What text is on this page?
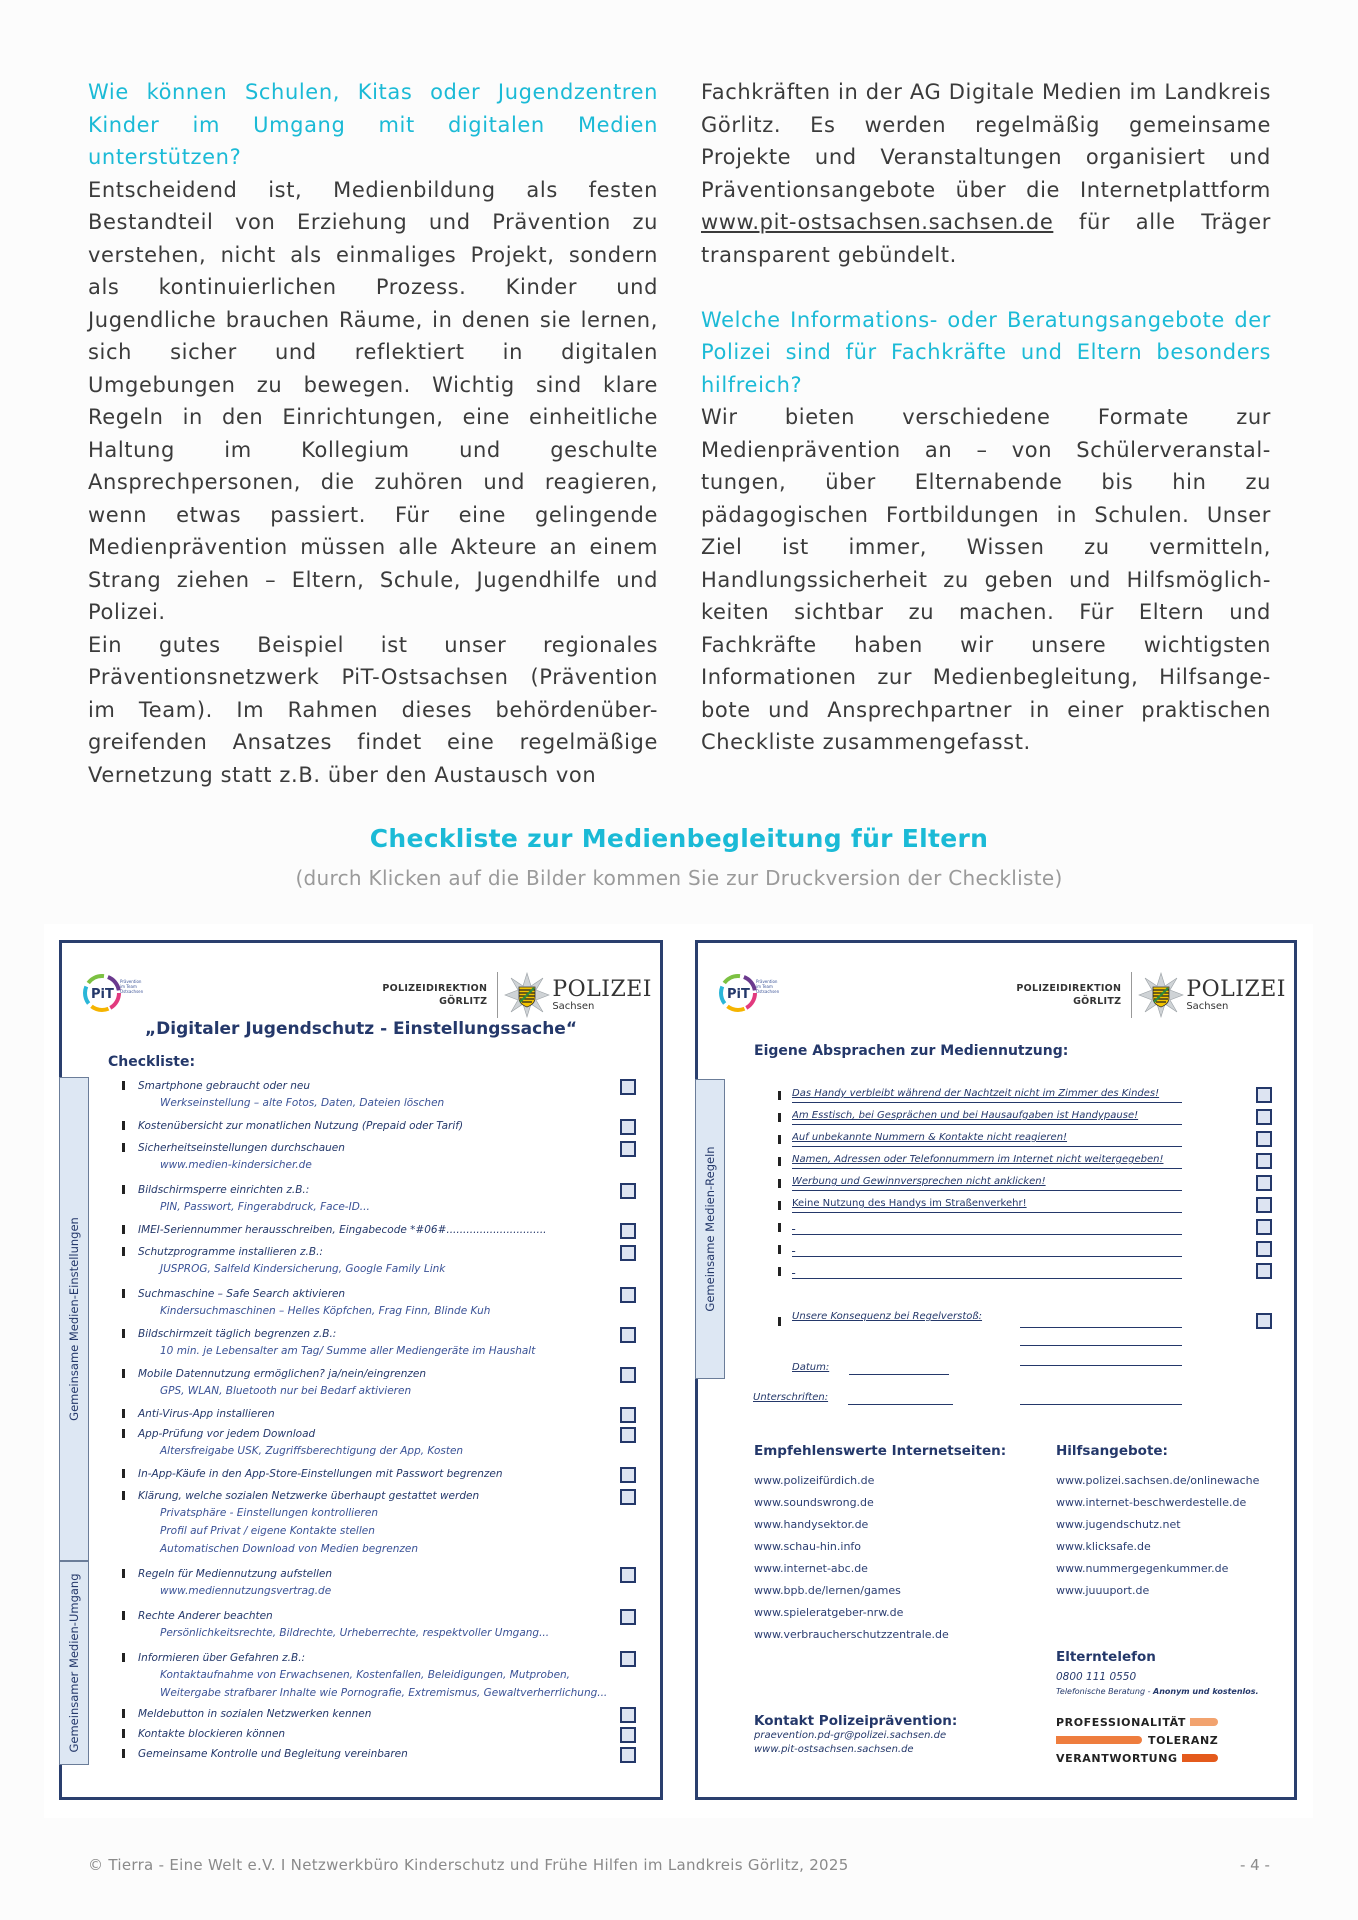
Wie können Schulen, Kitas oder Jugendzentren Kinder im Umgang mit digitalen Medien unterstützen?

Entscheidend ist, Medienbildung als festen Bestandteil von Erziehung und Prävention zu verstehen, nicht als einmaliges Projekt, sondern als kontinuierlichen Prozess. Kinder und Jugendliche brauchen Räume, in denen sie lernen, sich sicher und reflektiert in digitalen Umgebungen zu bewegen. Wichtig sind klare Regeln in den Einrichtungen, eine einheitliche Haltung im Kollegium und geschulte Ansprechpersonen, die zuhören und reagieren, wenn etwas passiert. Für eine gelingende Medienprävention müssen alle Akteure an einem Strang ziehen – Eltern, Schule, Jugendhilfe und Polizei.

Ein gutes Beispiel ist unser regionales Präventionsnetzwerk PiT-Ostsachsen (Prävention im Team). Im Rahmen dieses behördenüber-greifenden Ansatzes findet eine regelmäßige Vernetzung statt z.B. über den Austausch von

Fachkräften in der AG Digitale Medien im Landkreis Görlitz. Es werden regelmäßig gemeinsame Projekte und Veranstaltungen organisiert und Präventionsangebote über die Internetplattform www.pit-ostsachsen.sachsen.de für alle Träger transparent gebündelt.

Welche Informations- oder Beratungsangebote der Polizei sind für Fachkräfte und Eltern besonders hilfreich?

Wir bieten verschiedene Formate zur Medienprävention an – von Schülerveranstal-tungen, über Elternabende bis hin zu pädagogischen Fortbildungen in Schulen. Unser Ziel ist immer, Wissen zu vermitteln, Handlungssicherheit zu geben und Hilfsmöglich-keiten sichtbar zu machen. Für Eltern und Fachkräfte haben wir unsere wichtigsten Informationen zur Medienbegleitung, Hilfsange-bote und Ansprechpartner in einer praktischen Checkliste zusammengefasst.

Checkliste zur Medienbegleitung für Eltern
(durch Klicken auf die Bilder kommen Sie zur Druckversion der Checkliste)
PiT
Prävention
im Team
Ostsachsen	POLIZEIDIREKTION
GÖRLITZ	POLIZEI
Sachsen
„Digitaler Jugendschutz - Einstellungssache“
Checkliste:
Gemeinsame Medien-Einstellungen
Gemeinsamer Medien-Umgang
Smartphone gebraucht oder neu
Werkseinstellung – alte Fotos, Daten, Dateien löschen
Kostenübersicht zur monatlichen Nutzung (Prepaid oder Tarif)
Sicherheitseinstellungen durchschauen
www.medien-kindersicher.de
Bildschirmsperre einrichten z.B.:
PIN, Passwort, Fingerabdruck, Face-ID...
IMEI-Seriennummer herausschreiben, Eingabecode *#06#..............................
Schutzprogramme installieren z.B.:
JUSPROG, Salfeld Kindersicherung, Google Family Link
Suchmaschine – Safe Search aktivieren
Kindersuchmaschinen – Helles Köpfchen, Frag Finn, Blinde Kuh
Bildschirmzeit täglich begrenzen z.B.:
10 min. je Lebensalter am Tag/ Summe aller Mediengeräte im Haushalt
Mobile Datennutzung ermöglichen? ja/nein/eingrenzen
GPS, WLAN, Bluetooth nur bei Bedarf aktivieren
Anti-Virus-App installieren
App-Prüfung vor jedem Download
Altersfreigabe USK, Zugriffsberechtigung der App, Kosten
In-App-Käufe in den App-Store-Einstellungen mit Passwort begrenzen
Klärung, welche sozialen Netzwerke überhaupt gestattet werden
Privatsphäre - Einstellungen kontrollieren
Profil auf Privat / eigene Kontakte stellen
Automatischen Download von Medien begrenzen
Regeln für Mediennutzung aufstellen
www.mediennutzungsvertrag.de
Rechte Anderer beachten
Persönlichkeitsrechte, Bildrechte, Urheberrechte, respektvoller Umgang...
Informieren über Gefahren z.B.:
Kontaktaufnahme von Erwachsenen, Kostenfallen, Beleidigungen, Mutproben,
Weitergabe strafbarer Inhalte wie Pornografie, Extremismus, Gewaltverherrlichung...
Meldebutton in sozialen Netzwerken kennen
Kontakte blockieren können
Gemeinsame Kontrolle und Begleitung vereinbaren
PiT
Prävention
im Team
Ostsachsen	POLIZEIDIREKTION
GÖRLITZ	POLIZEI
Sachsen
Eigene Absprachen zur Mediennutzung:
Gemeinsame Medien-Regeln
Das Handy verbleibt während der Nachtzeit nicht im Zimmer des Kindes!
Am Esstisch, bei Gesprächen und bei Hausaufgaben ist Handypause!
Auf unbekannte Nummern & Kontakte nicht reagieren!
Namen, Adressen oder Telefonnummern im Internet nicht weitergegeben!
Werbung und Gewinnversprechen nicht anklicken!
Keine Nutzung des Handys im Straßenverkehr!

Unsere Konsequenz bei Regelverstoß:
Datum:
Unterschriften:
Empfehlenswerte Internetseiten:
www.polizeifürdich.de
www.soundswrong.de
www.handysektor.de
www.schau-hin.info
www.internet-abc.de
www.bpb.de/lernen/games
www.spieleratgeber-nrw.de
www.verbraucherschutzzentrale.de
Hilfsangebote:
www.polizei.sachsen.de/onlinewache
www.internet-beschwerdestelle.de
www.jugendschutz.net
www.klicksafe.de
www.nummergegenkummer.de
www.juuuport.de
Elterntelefon
0800 111 0550
Telefonische Beratung - Anonym und kostenlos.
Kontakt Polizeiprävention:
praevention.pd-gr@polizei.sachsen.de
www.pit-ostsachsen.sachsen.de
PROFESSIONALITÄT
TOLERANZ
VERANTWORTUNG
© Tierra - Eine Welt e.V. I Netzwerkbüro Kinderschutz und Frühe Hilfen im Landkreis Görlitz, 2025	- 4 -
